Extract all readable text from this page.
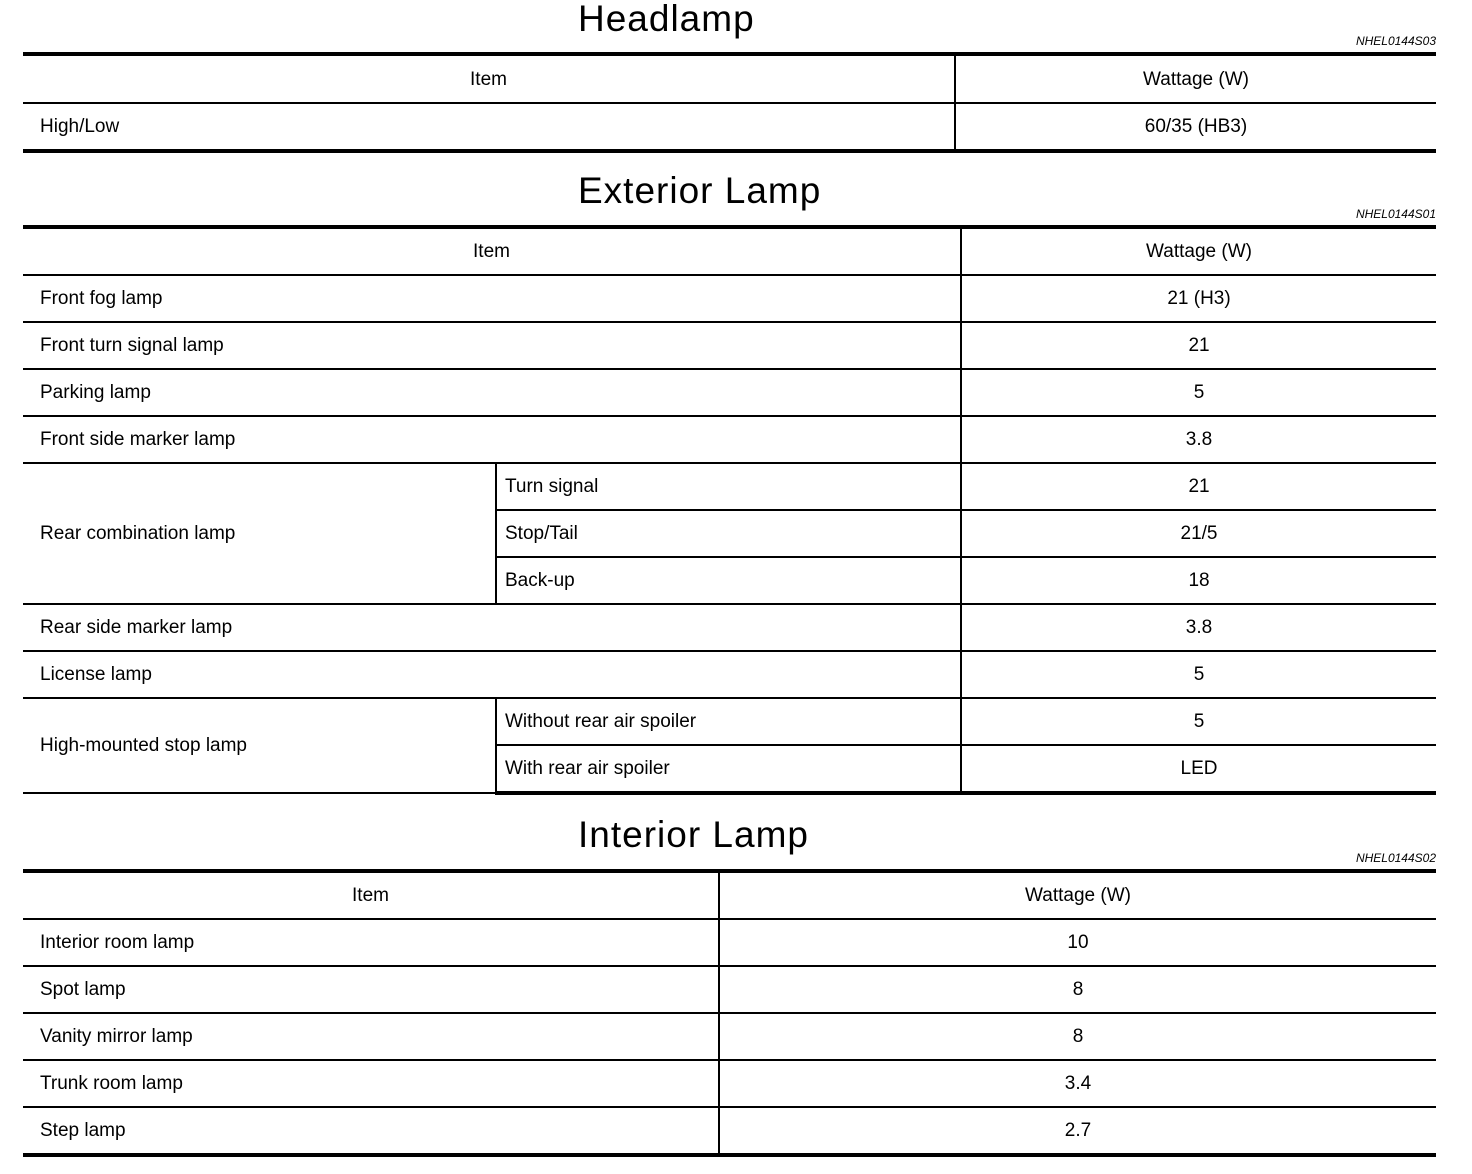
Headlamp
NHEL0144S03
Item	Wattage (W)
High/Low	60/35 (HB3)
Exterior Lamp
NHEL0144S01
Item		Wattage (W)
Front fog lamp		21 (H3)
Front turn signal lamp		21
Parking lamp		5
Front side marker lamp		3.8
Rear combination lamp	Turn signal	21
	Stop/Tail	21/5
	Back-up	18
Rear side marker lamp		3.8
License lamp		5
High-mounted stop lamp	Without rear air spoiler	5
	With rear air spoiler	LED
Interior Lamp
NHEL0144S02
Item	Wattage (W)
Interior room lamp	10
Spot lamp	8
Vanity mirror lamp	8
Trunk room lamp	3.4
Step lamp	2.7
